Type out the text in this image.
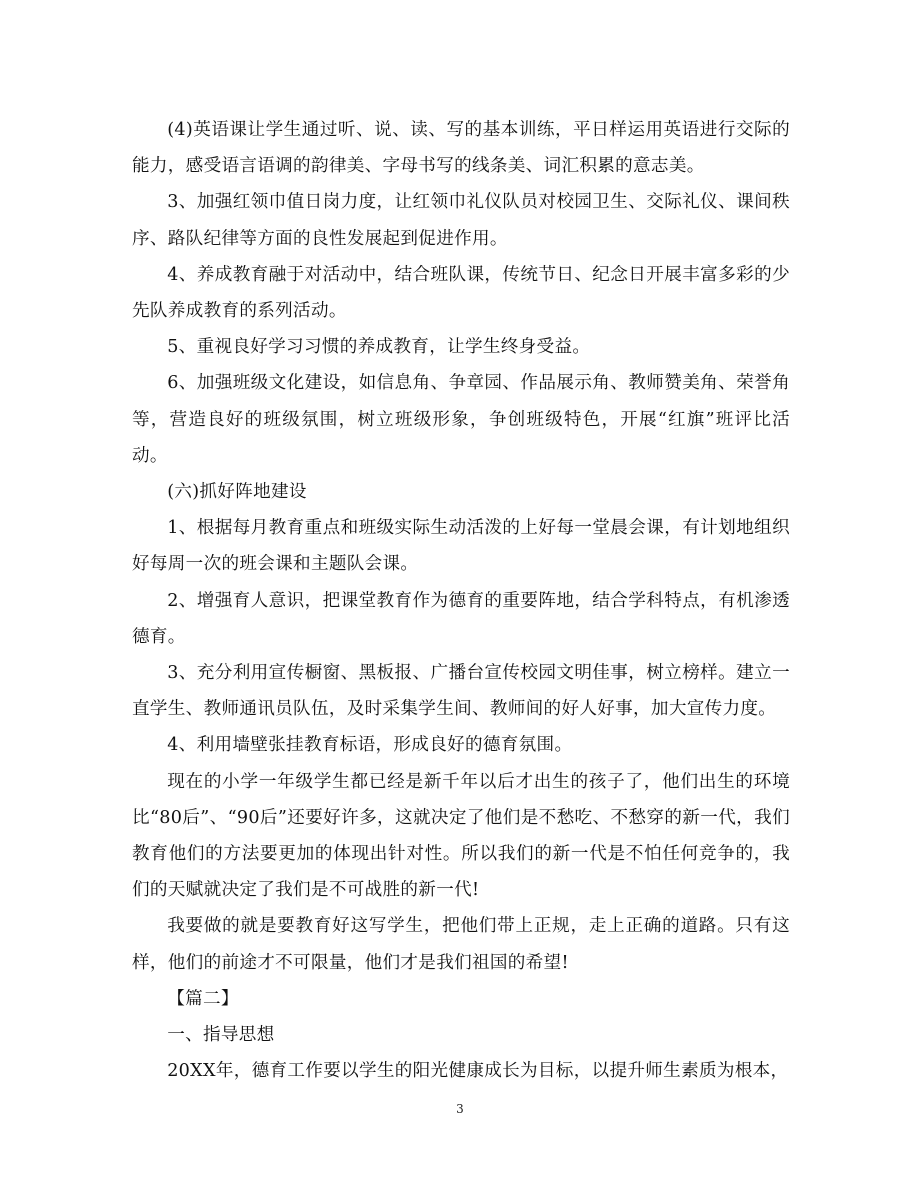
(4)英语课让学生通过听、说、读、写的基本训练，平日样运用英语进行交际的能力，感受语言语调的韵律美、字母书写的线条美、词汇积累的意志美。

3、加强红领巾值日岗力度，让红领巾礼仪队员对校园卫生、交际礼仪、课间秩序、路队纪律等方面的良性发展起到促进作用。

4、养成教育融于对活动中，结合班队课，传统节日、纪念日开展丰富多彩的少先队养成教育的系列活动。

5、重视良好学习习惯的养成教育，让学生终身受益。

6、加强班级文化建设，如信息角、争章园、作品展示角、教师赞美角、荣誉角等，营造良好的班级氛围，树立班级形象，争创班级特色，开展“红旗”班评比活动。

(六)抓好阵地建设

1、根据每月教育重点和班级实际生动活泼的上好每一堂晨会课，有计划地组织好每周一次的班会课和主题队会课。

2、增强育人意识，把课堂教育作为德育的重要阵地，结合学科特点，有机渗透德育。

3、充分利用宣传橱窗、黑板报、广播台宣传校园文明佳事，树立榜样。建立一直学生、教师通讯员队伍，及时采集学生间、教师间的好人好事，加大宣传力度。

4、利用墙壁张挂教育标语，形成良好的德育氛围。

现在的小学一年级学生都已经是新千年以后才出生的孩子了，他们出生的环境比“80后”、“90后”还要好许多，这就决定了他们是不愁吃、不愁穿的新一代，我们教育他们的方法要更加的体现出针对性。所以我们的新一代是不怕任何竞争的，我们的天赋就决定了我们是不可战胜的新一代!

我要做的就是要教育好这写学生，把他们带上正规，走上正确的道路。只有这样，他们的前途才不可限量，他们才是我们祖国的希望!

【篇二】

一、指导思想

20XX年，德育工作要以学生的阳光健康成长为目标，以提升师生素质为根本，

3
